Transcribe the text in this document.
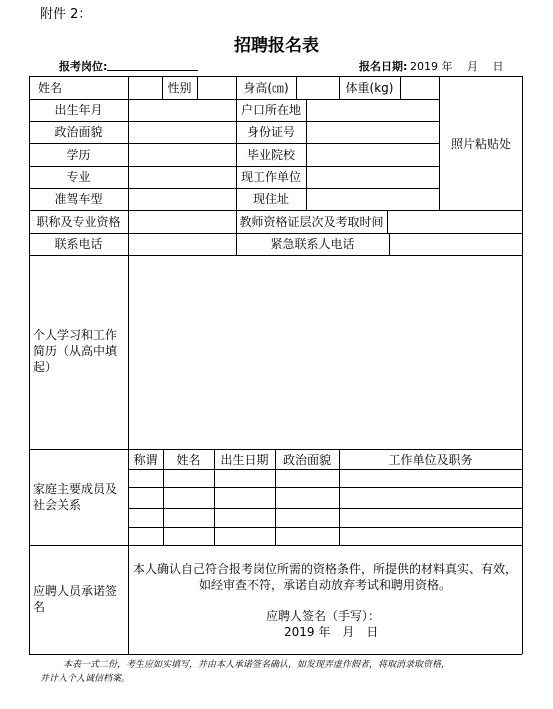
附件 2：
招聘报名表
报考岗位:	报名日期: 2019 年　 月　 日
姓名	性别	身高(㎝)	体重(kg)
出生年月	户口所在地
政治面貌	身份证号
学历	毕业院校
专业	现工作单位
准驾车型	现住址
照片粘贴处
职称及专业资格	教师资格证层次及考取时间
联系电话	紧急联系人电话
个人学习和工作简历（从高中填起）
家庭主要成员及社会关系
称谓	姓名	出生日期	政治面貌	工作单位及职务
应聘人员承诺签名
本人确认自己符合报考岗位所需的资格条件，所提供的材料真实、有效，
如经审查不符，承诺自动放弃考试和聘用资格。
应聘人签名（手写）：
2019 年　月　日
本表一式二份，考生应如实填写，并由本人承诺签名确认，如发现弄虚作假者，将取消录取资格，
并计入个人诚信档案。
